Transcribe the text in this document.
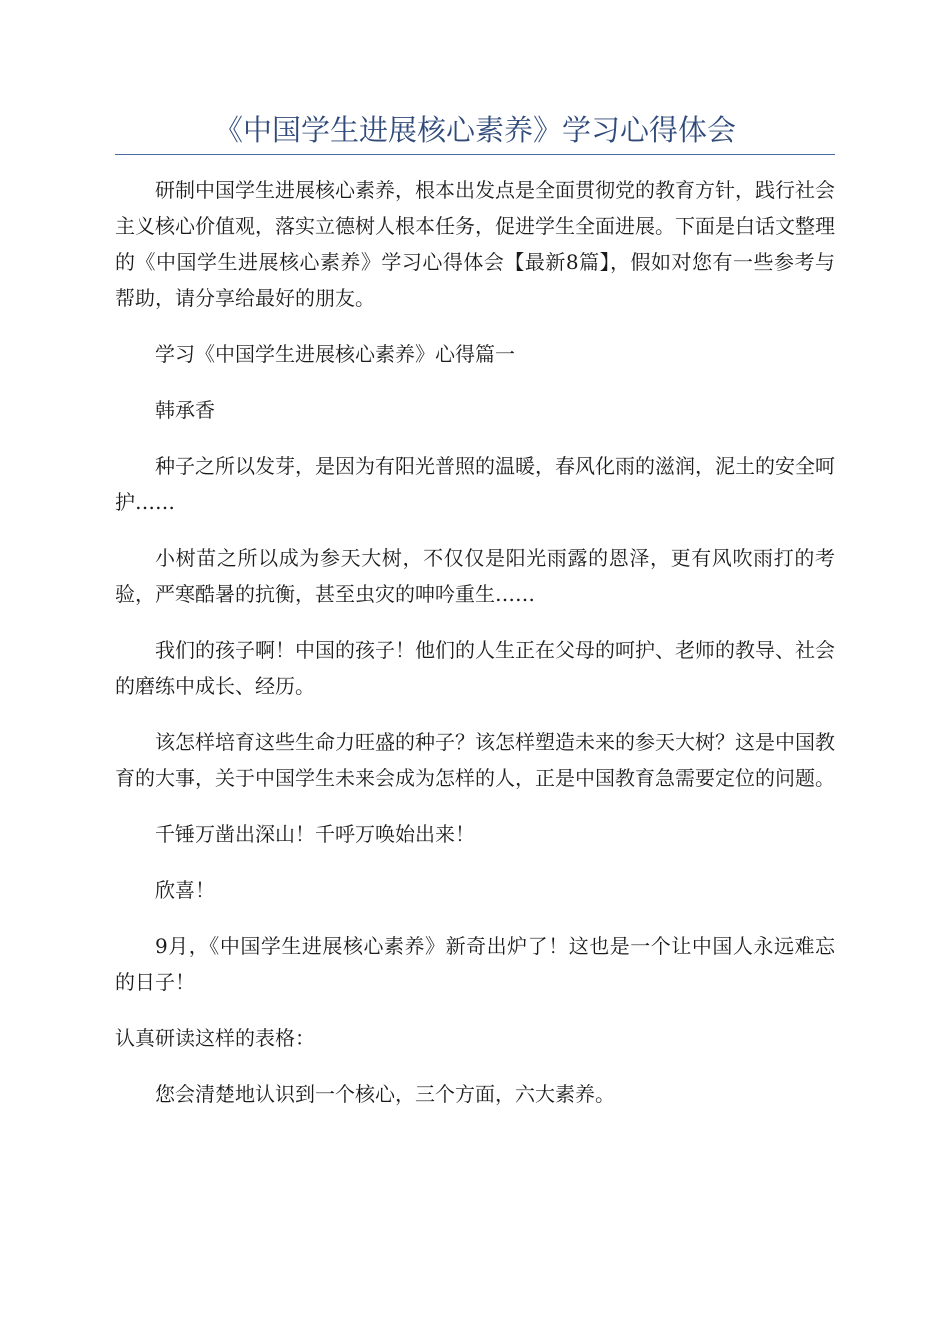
《中国学生进展核心素养》学习心得体会

研制中国学生进展核心素养，根本出发点是全面贯彻党的教育方针，践行社会主义核心价值观，落实立德树人根本任务，促进学生全面进展。下面是白话文整理的《中国学生进展核心素养》学习心得体会【最新8篇】，假如对您有一些参考与帮助，请分享给最好的朋友。

学习《中国学生进展核心素养》心得篇一

韩承香

种子之所以发芽，是因为有阳光普照的温暖，春风化雨的滋润，泥土的安全呵护……

小树苗之所以成为参天大树，不仅仅是阳光雨露的恩泽，更有风吹雨打的考验，严寒酷暑的抗衡，甚至虫灾的呻吟重生……

我们的孩子啊！中国的孩子！他们的人生正在父母的呵护、老师的教导、社会的磨练中成长、经历。

该怎样培育这些生命力旺盛的种子？该怎样塑造未来的参天大树？这是中国教育的大事，关于中国学生未来会成为怎样的人，正是中国教育急需要定位的问题。

千锤万凿出深山！千呼万唤始出来！

欣喜！

9月，《中国学生进展核心素养》新奇出炉了！这也是一个让中国人永远难忘的日子！

认真研读这样的表格：

您会清楚地认识到一个核心，三个方面，六大素养。
